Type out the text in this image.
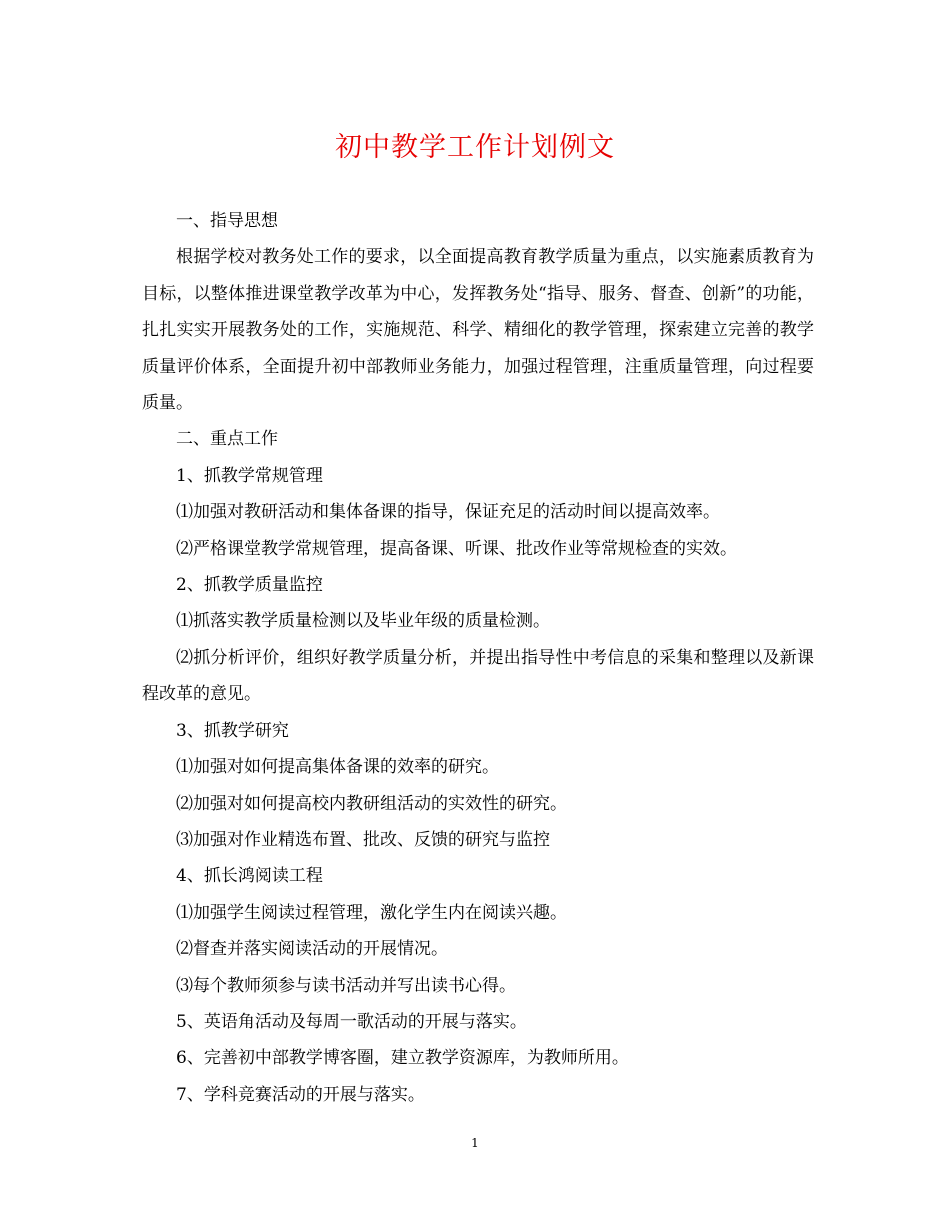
初中教学工作计划例文

一、指导思想

根据学校对教务处工作的要求，以全面提高教育教学质量为重点，以实施素质教育为目标，以整体推进课堂教学改革为中心，发挥教务处“指导、服务、督查、创新”的功能，扎扎实实开展教务处的工作，实施规范、科学、精细化的教学管理，探索建立完善的教学质量评价体系，全面提升初中部教师业务能力，加强过程管理，注重质量管理，向过程要质量。

二、重点工作

1、抓教学常规管理

⑴加强对教研活动和集体备课的指导，保证充足的活动时间以提高效率。

⑵严格课堂教学常规管理，提高备课、听课、批改作业等常规检查的实效。

2、抓教学质量监控

⑴抓落实教学质量检测以及毕业年级的质量检测。

⑵抓分析评价，组织好教学质量分析，并提出指导性中考信息的采集和整理以及新课程改革的意见。

3、抓教学研究

⑴加强对如何提高集体备课的效率的研究。

⑵加强对如何提高校内教研组活动的实效性的研究。

⑶加强对作业精选布置、批改、反馈的研究与监控

4、抓长鸿阅读工程

⑴加强学生阅读过程管理，激化学生内在阅读兴趣。

⑵督查并落实阅读活动的开展情况。

⑶每个教师须参与读书活动并写出读书心得。

5、英语角活动及每周一歌活动的开展与落实。

6、完善初中部教学博客圈，建立教学资源库，为教师所用。

7、学科竞赛活动的开展与落实。

1
